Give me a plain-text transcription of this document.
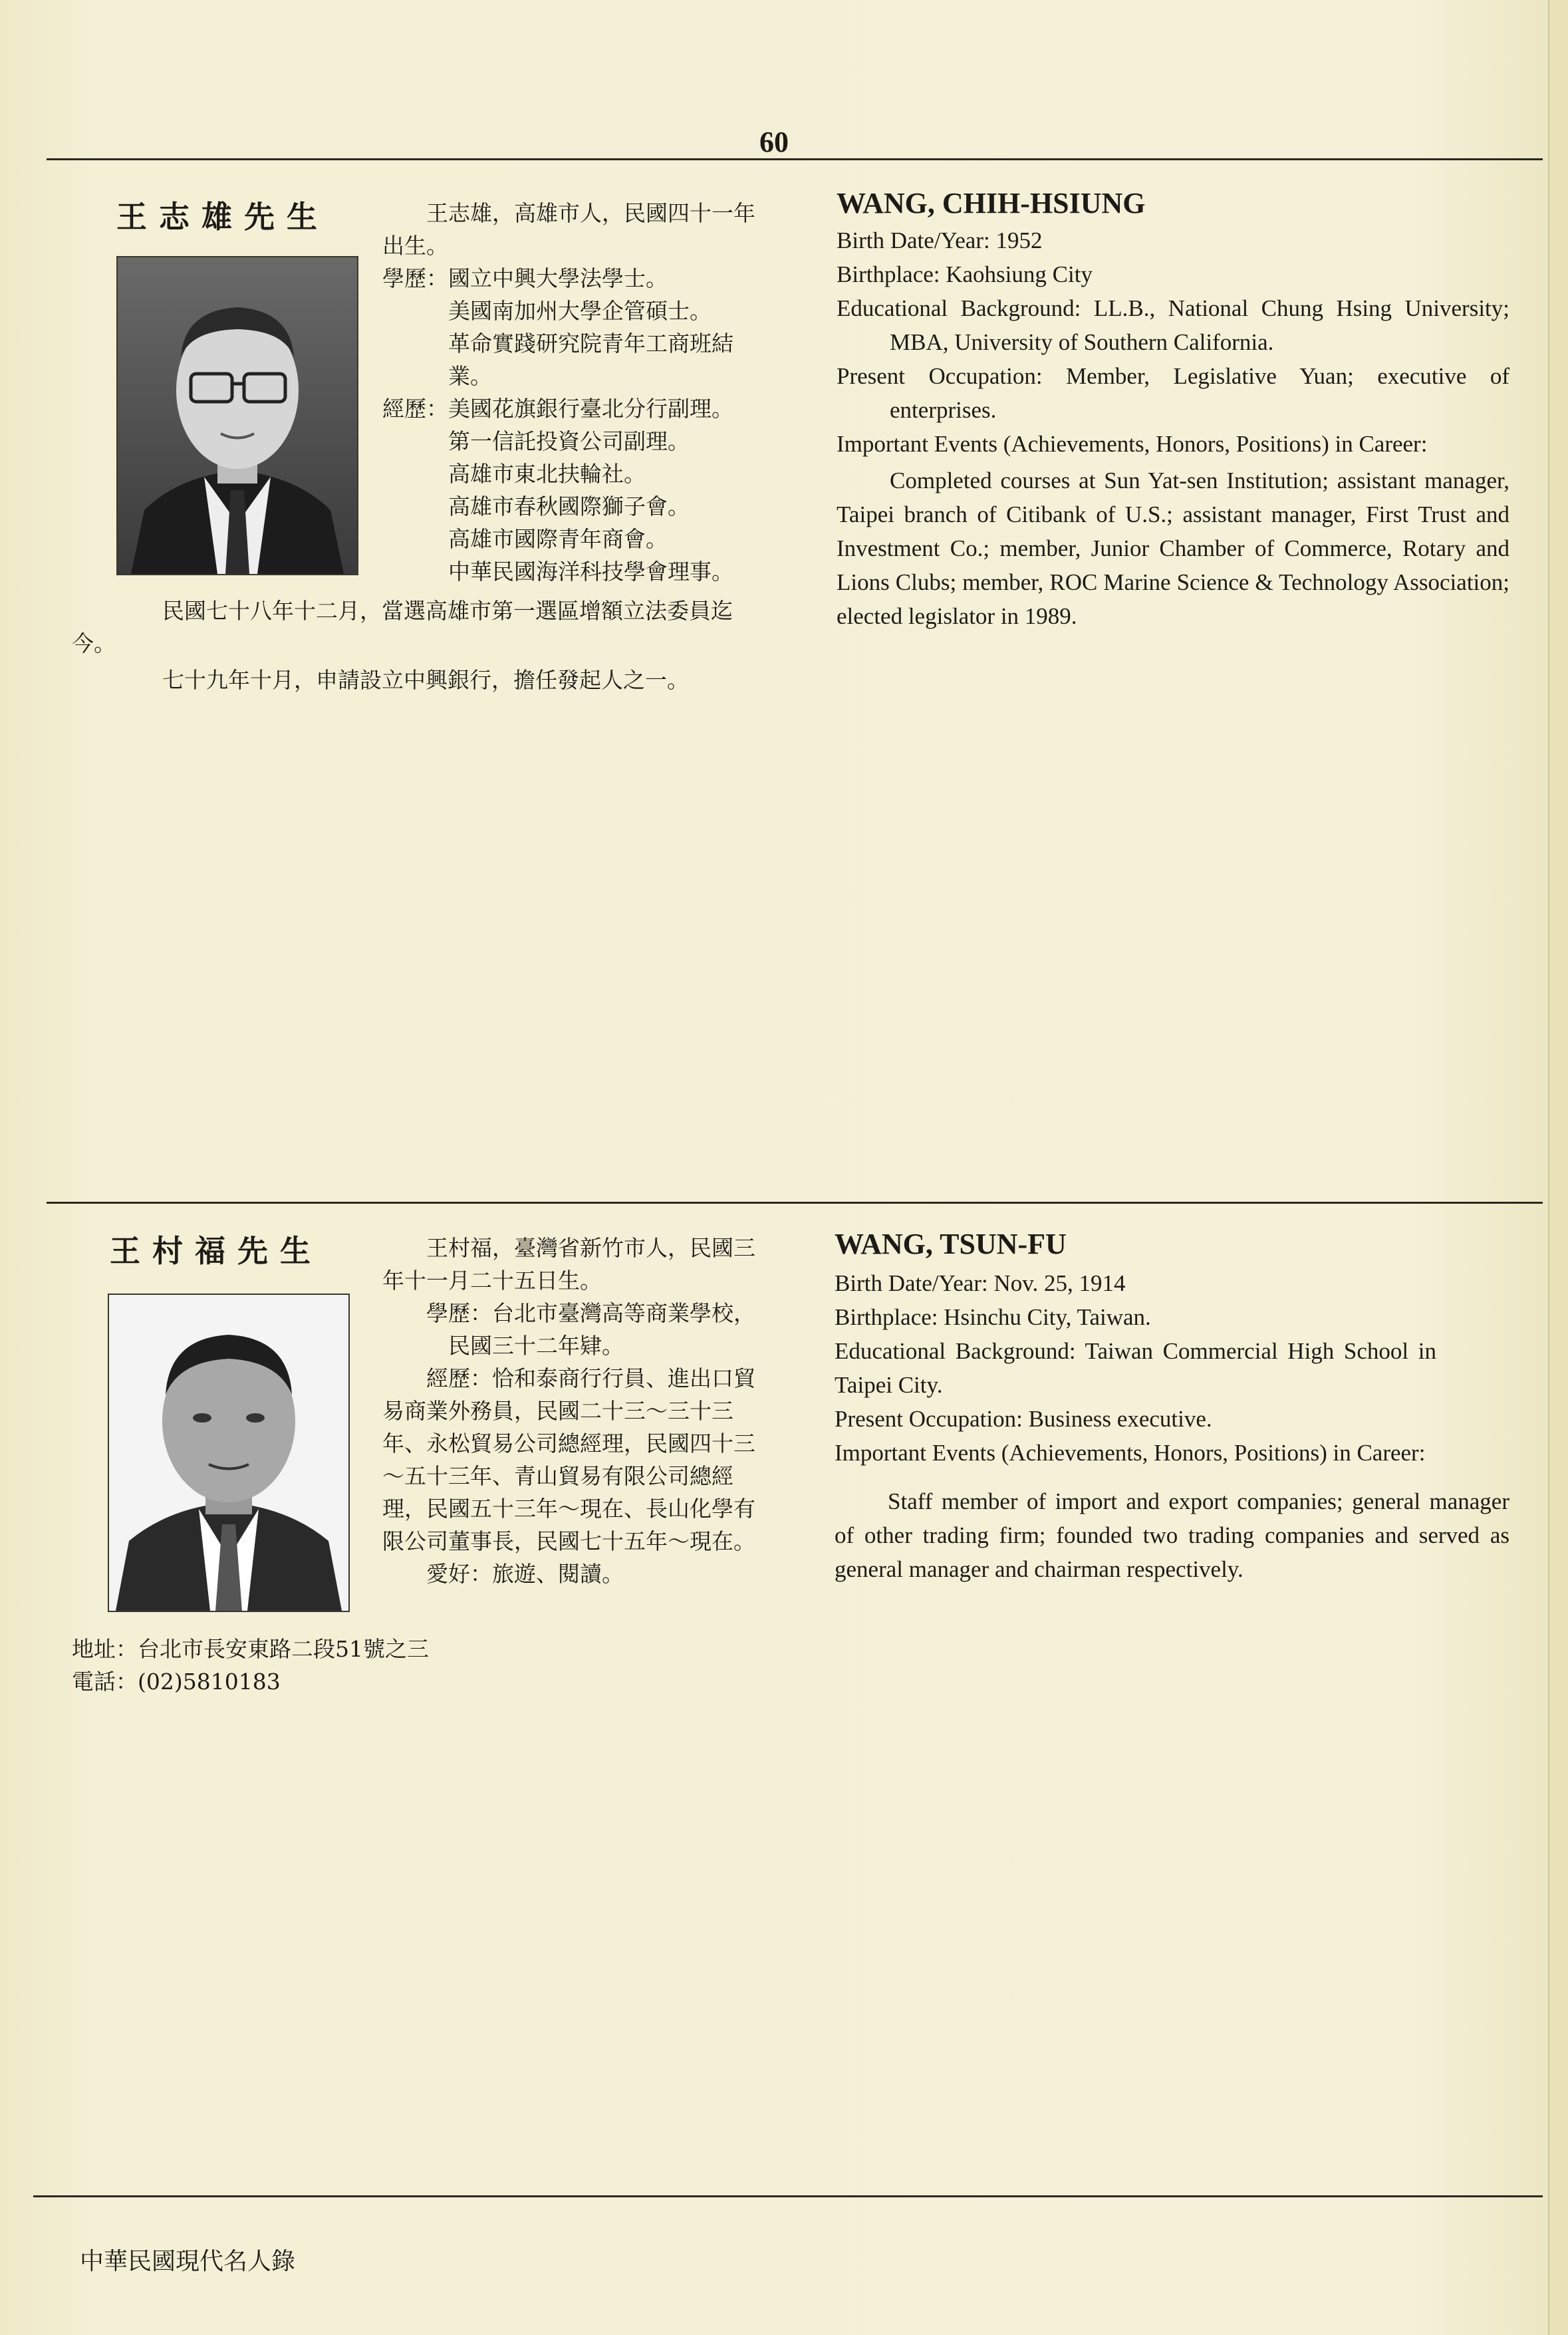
60
王志雄先生	王志雄，高雄市人，民國四十一年出生。

學歷：國立中興大學法學士。

美國南加州大學企管碩士。

革命實踐研究院青年工商班結業。

經歷：美國花旗銀行臺北分行副理。

第一信託投資公司副理。

高雄市東北扶輪社。

高雄市春秋國際獅子會。

高雄市國際青年商會。

中華民國海洋科技學會理事。

民國七十八年十二月，當選高雄市第一選區增額立法委員迄今。

七十九年十月，申請設立中興銀行，擔任發起人之一。

WANG, CHIH-HSIUNG

Birth Date/Year: 1952

Birthplace: Kaohsiung City

Educational Background: LL.B., National Chung Hsing University; MBA, University of Southern California.

Present Occupation: Member, Legislative Yuan; executive of enterprises.

Important Events (Achievements, Honors, Positions) in Career:

Completed courses at Sun Yat-sen Institution; assistant manager, Taipei branch of Citibank of U.S.; assistant manager, First Trust and Investment Co.; member, Junior Chamber of Commerce, Rotary and Lions Clubs; member, ROC Marine Science & Technology Association; elected legislator in 1989.

王村福先生	王村福，臺灣省新竹市人，民國三年十一月二十五日生。

學歷：台北市臺灣高等商業學校，民國三十二年肄。

經歷：恰和泰商行行員、進出口貿易商業外務員，民國二十三～三十三年、永松貿易公司總經理，民國四十三～五十三年、青山貿易有限公司總經理，民國五十三年～現在、長山化學有限公司董事長，民國七十五年～現在。

愛好：旅遊、閱讀。

地址：台北市長安東路二段51號之三

電話：(02)5810183

WANG, TSUN-FU

Birth Date/Year: Nov. 25, 1914

Birthplace: Hsinchu City, Taiwan.

Educational Background: Taiwan Commercial High School in Taipei City.

Present Occupation: Business executive.

Important Events (Achievements, Honors, Positions) in Career:

Staff member of import and export companies; general manager of other trading firm; founded two trading companies and served as general manager and chairman respectively.

中華民國現代名人錄
